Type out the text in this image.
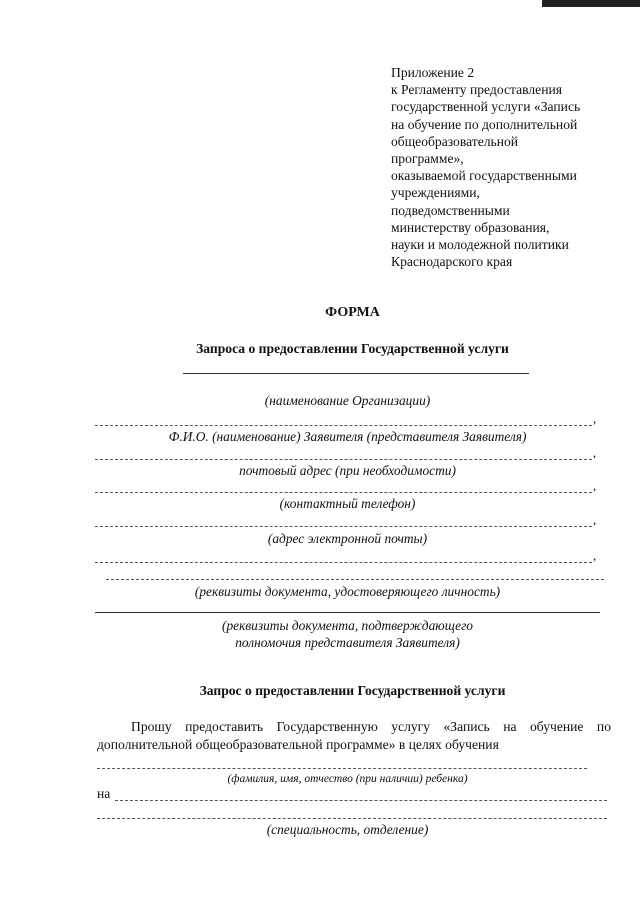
Приложение 2
к Регламенту предоставления
государственной услуги «Запись
на обучение по дополнительной
общеобразовательной
программе»,
оказываемой государственными
учреждениями,
подведомственными
министерству образования,
науки и молодежной политики
Краснодарского края
ФОРМА
Запроса о предоставлении Государственной услуги
(наименование Организации)
,
Ф.И.О. (наименование) Заявителя (представителя Заявителя)
,
почтовый адрес (при необходимости)
,
(контактный телефон)
,
(адрес электронной почты)
,
(реквизиты документа, удостоверяющего личность)
(реквизиты документа, подтверждающего
полномочия представителя Заявителя)
Запрос о предоставлении Государственной услуги
Прошу предоставить Государственную услугу «Запись на обучение по дополнительной общеобразовательной программе» в целях обучения
(фамилия, имя, отчество (при наличии) ребенка)
на
(специальность, отделение)
